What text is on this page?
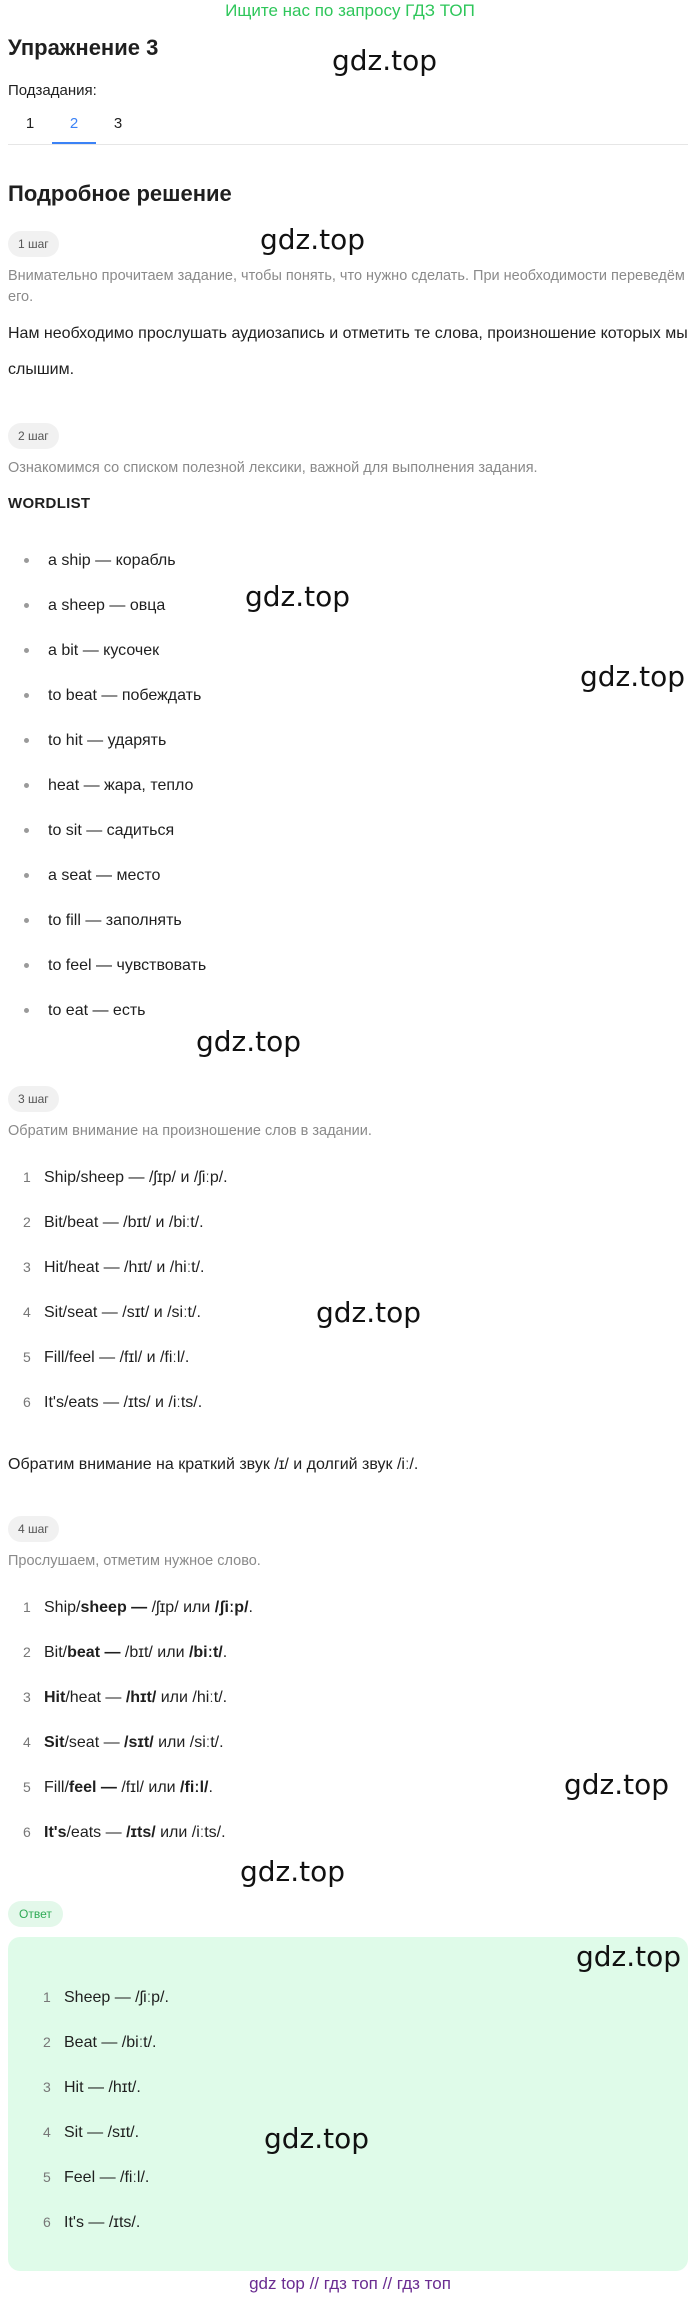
Ищите нас по запросу ГДЗ ТОП
Упражнение 3
Подзадания:
1	2	3
Подробное решение
1 шаг
Внимательно прочитаем задание, чтобы понять, что нужно сделать. При необходимости переведём его.
Нам необходимо прослушать аудиозапись и отметить те слова, произношение которых мы слышим.
2 шаг
Ознакомимся со списком полезной лексики, важной для выполнения задания.
WORDLIST
a ship — корабль
a sheep — овца
a bit — кусочек
to beat — побеждать
to hit — ударять
heat — жара, тепло
to sit — садиться
a seat — место
to fill — заполнять
to feel — чувствовать
to eat — есть
3 шаг
Обратим внимание на произношение слов в задании.
1 Ship/sheep — /ʃɪp/ и /ʃiːp/.
2 Bit/beat — /bɪt/ и /biːt/.
3 Hit/heat — /hɪt/ и /hiːt/.
4 Sit/seat — /sɪt/ и /siːt/.
5 Fill/feel — /fɪl/ и /fiːl/.
6 It's/eats — /ɪts/ и /iːts/.
Обратим внимание на краткий звук /ɪ/ и долгий звук /iː/.
4 шаг
Прослушаем, отметим нужное слово.
1 Ship/sheep — /ʃɪp/ или /ʃiːp/.
2 Bit/beat — /bɪt/ или /biːt/.
3 Hit/heat — /hɪt/ или /hiːt/.
4 Sit/seat — /sɪt/ или /siːt/.
5 Fill/feel — /fɪl/ или /fiːl/.
6 It's/eats — /ɪts/ или /iːts/.
Ответ
1 Sheep — /ʃiːp/.
2 Beat — /biːt/.
3 Hit — /hɪt/.
4 Sit — /sɪt/.
5 Feel — /fiːl/.
6 It's — /ɪts/.
gdz.top
gdz.top
gdz.top
gdz.top
gdz.top
gdz.top
gdz.top
gdz.top
gdz.top
gdz.top
gdz top // гдз топ // гдз топ
